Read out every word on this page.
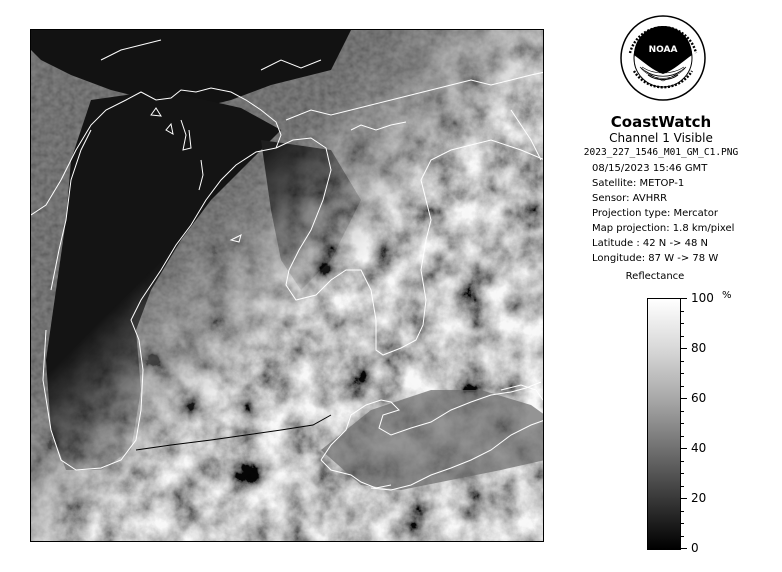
NOAA
CoastWatch
Channel 1 Visible
2023_227_1546_M01_GM_C1.PNG
08/15/2023 15:46 GMT
Satellite: METOP-1
Sensor: AVHRR
Projection type: Mercator
Map projection: 1.8 km/pixel
Latitude : 42 N -> 48 N
Longitude: 87 W -> 78 W
Reflectance
%
100
80
60
40
20
0
